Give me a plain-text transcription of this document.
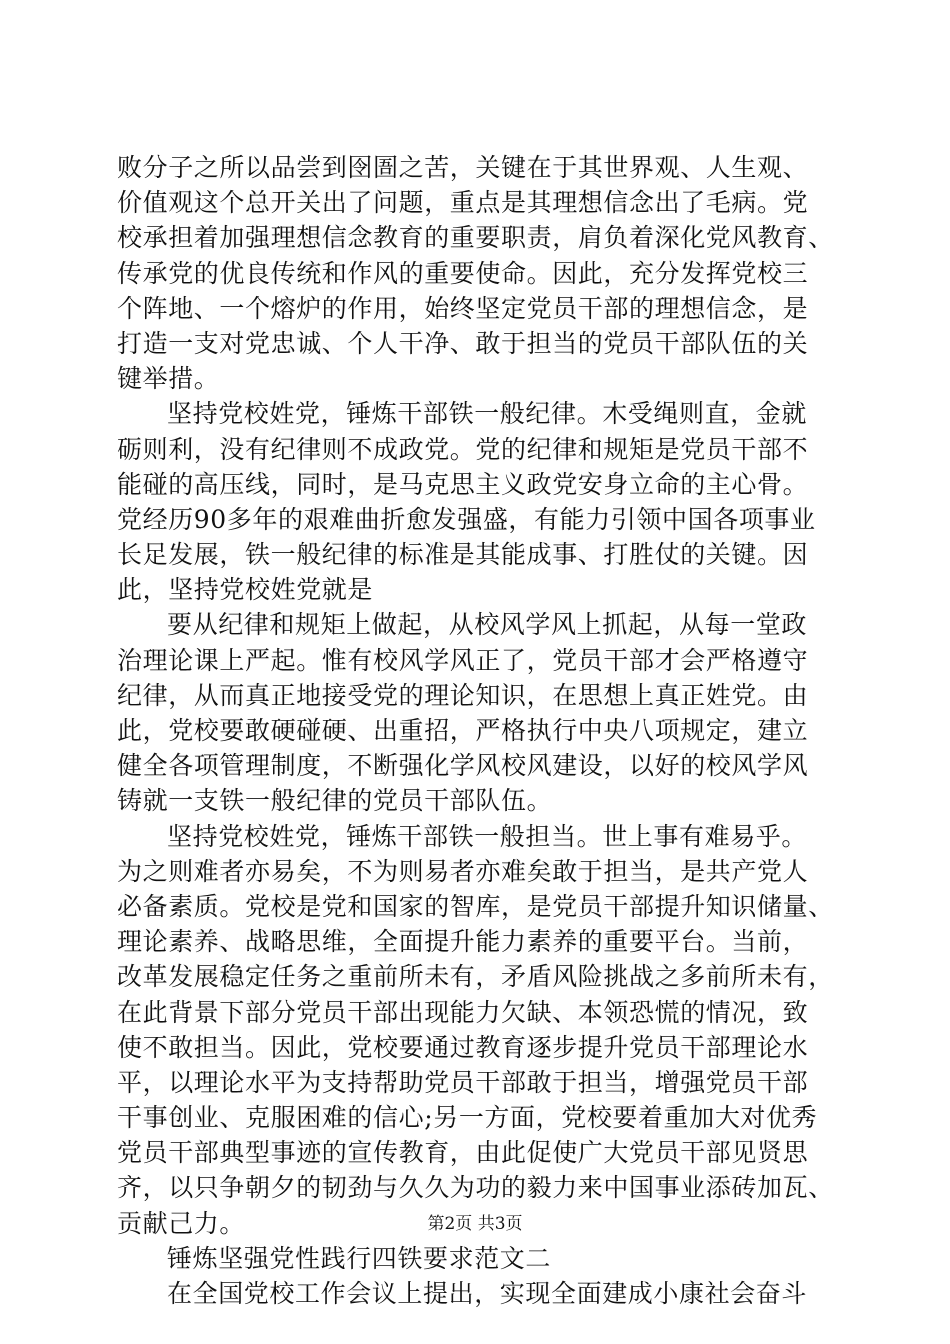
败分子之所以品尝到囹圄之苦，关键在于其世界观、人生观、
价值观这个总开关出了问题，重点是其理想信念出了毛病。党
校承担着加强理想信念教育的重要职责，肩负着深化党风教育、
传承党的优良传统和作风的重要使命。因此，充分发挥党校三
个阵地、一个熔炉的作用，始终坚定党员干部的理想信念，是
打造一支对党忠诚、个人干净、敢于担当的党员干部队伍的关
键举措。
坚持党校姓党，锤炼干部铁一般纪律。木受绳则直，金就
砺则利，没有纪律则不成政党。党的纪律和规矩是党员干部不
能碰的高压线，同时，是马克思主义政党安身立命的主心骨。
党经历90多年的艰难曲折愈发强盛，有能力引领中国各项事业
长足发展，铁一般纪律的标准是其能成事、打胜仗的关键。因
此，坚持党校姓党就是
要从纪律和规矩上做起，从校风学风上抓起，从每一堂政
治理论课上严起。惟有校风学风正了，党员干部才会严格遵守
纪律，从而真正地接受党的理论知识，在思想上真正姓党。由
此，党校要敢硬碰硬、出重招，严格执行中央八项规定，建立
健全各项管理制度，不断强化学风校风建设，以好的校风学风
铸就一支铁一般纪律的党员干部队伍。
坚持党校姓党，锤炼干部铁一般担当。世上事有难易乎。
为之则难者亦易矣，不为则易者亦难矣敢于担当，是共产党人
必备素质。党校是党和国家的智库，是党员干部提升知识储量、
理论素养、战略思维，全面提升能力素养的重要平台。当前，
改革发展稳定任务之重前所未有，矛盾风险挑战之多前所未有，
在此背景下部分党员干部出现能力欠缺、本领恐慌的情况，致
使不敢担当。因此，党校要通过教育逐步提升党员干部理论水
平，以理论水平为支持帮助党员干部敢于担当，增强党员干部
干事创业、克服困难的信心;另一方面，党校要着重加大对优秀
党员干部典型事迹的宣传教育，由此促使广大党员干部见贤思
齐，以只争朝夕的韧劲与久久为功的毅力来中国事业添砖加瓦、
贡献己力。
锤炼坚强党性践行四铁要求范文二
在全国党校工作会议上提出，实现全面建成小康社会奋斗
第2页 共3页
